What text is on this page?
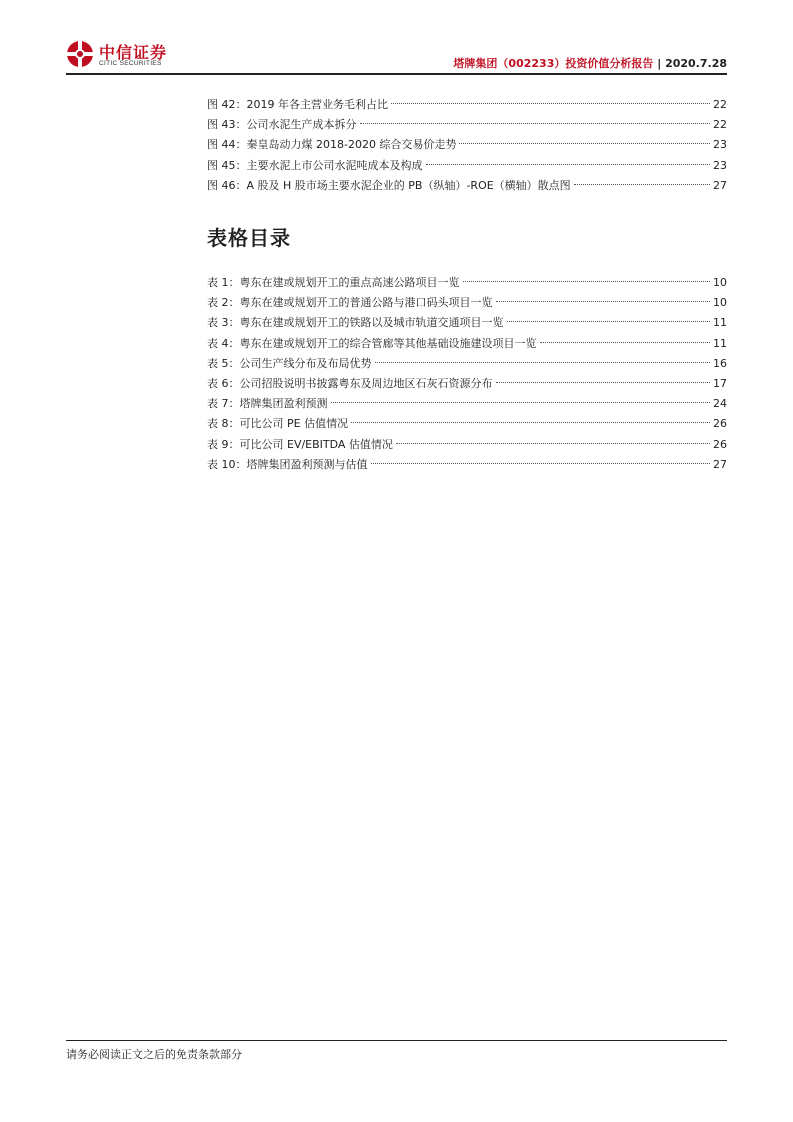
中信证券
CITIC SECURITIES	塔牌集团（002233）投资价值分析报告 | 2020.7.28
图 42：2019 年各主营业务毛利占比	22
图 43：公司水泥生产成本拆分	22
图 44：秦皇岛动力煤 2018-2020 综合交易价走势	23
图 45：主要水泥上市公司水泥吨成本及构成	23
图 46：A 股及 H 股市场主要水泥企业的 PB（纵轴）-ROE（横轴）散点图	27
表格目录
表 1：粤东在建或规划开工的重点高速公路项目一览	10
表 2：粤东在建或规划开工的普通公路与港口码头项目一览	10
表 3：粤东在建或规划开工的铁路以及城市轨道交通项目一览	11
表 4：粤东在建或规划开工的综合管廊等其他基础设施建设项目一览	11
表 5：公司生产线分布及布局优势	16
表 6：公司招股说明书披露粤东及周边地区石灰石资源分布	17
表 7：塔牌集团盈利预测	24
表 8：可比公司 PE 估值情况	26
表 9：可比公司 EV/EBITDA 估值情况	26
表 10：塔牌集团盈利预测与估值	27
请务必阅读正文之后的免责条款部分
